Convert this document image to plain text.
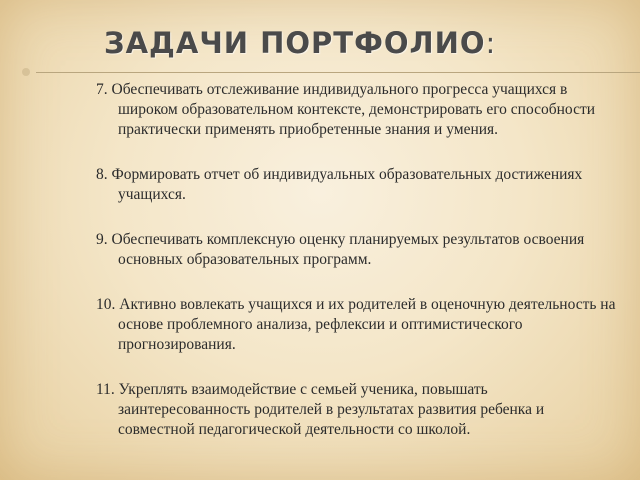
ЗАДАЧИ ПОРТФОЛИО:
7. Обеспечивать отслеживание индивидуального прогресса учащихся в широком образовательном контексте, демонстрировать его способности практически применять приобретенные знания и умения.
8. Формировать отчет об индивидуальных образовательных достижениях учащихся.
9. Обеспечивать комплексную оценку планируемых результатов освоения основных образовательных программ.
10. Активно вовлекать учащихся и их родителей в оценочную деятельность на основе проблемного анализа, рефлексии и оптимистического прогнозирования.
11. Укреплять взаимодействие с семьей ученика, повышать заинтересованность родителей в результатах развития ребенка и совместной педагогической деятельности со школой.
